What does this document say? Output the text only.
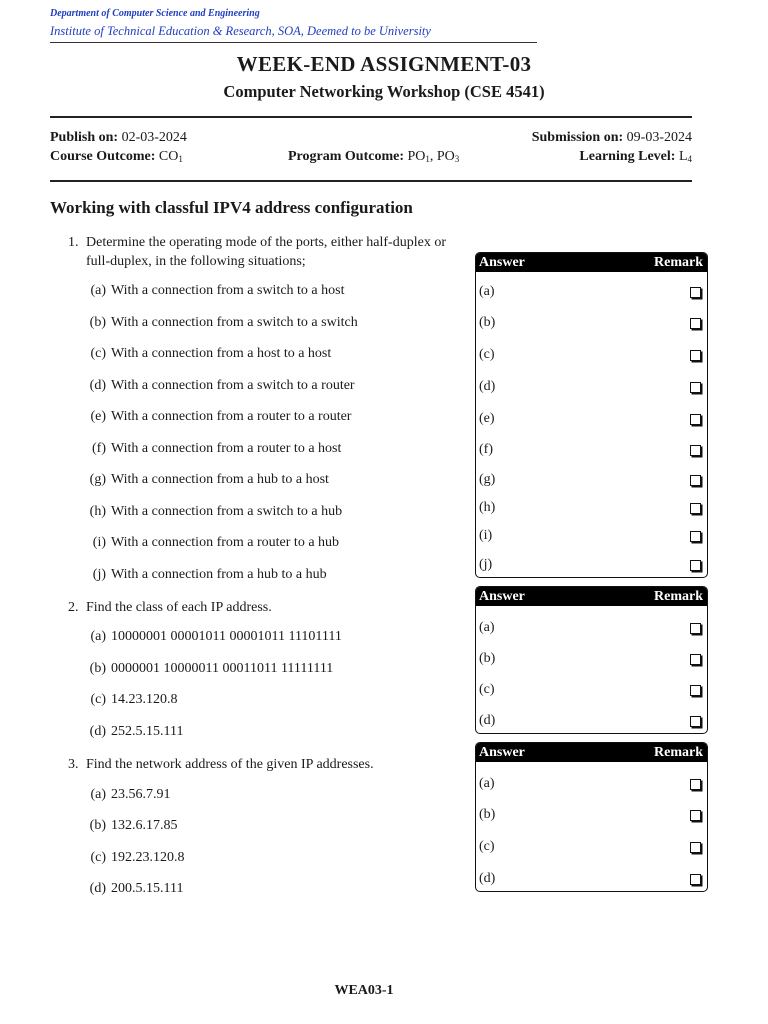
Department of Computer Science and Engineering
Institute of Technical Education & Research, SOA, Deemed to be University
WEEK-END ASSIGNMENT-03
Computer Networking Workshop (CSE 4541)
Publish on: 02-03-2024	Submission on: 09-03-2024
Course Outcome: $CO_1$	Program Outcome: $PO_1$, $PO_3$	Learning Level: $L_4$
Working with classful IPV4 address configuration
1. Determine the operating mode of the ports, either half-duplex or
full-duplex, in the following situations;
(a) With a connection from a switch to a host
(b) With a connection from a switch to a switch
(c) With a connection from a host to a host
(d) With a connection from a switch to a router
(e) With a connection from a router to a router
(f) With a connection from a router to a host
(g) With a connection from a hub to a host
(h) With a connection from a switch to a hub
(i) With a connection from a router to a hub
(j) With a connection from a hub to a hub
2. Find the class of each IP address.
(a) 10000001 00001011 00001011 11101111
(b) 0000001 10000011 00011011 11111111
(c) 14.23.120.8
(d) 252.5.15.111
3. Find the network address of the given IP addresses.
(a) 23.56.7.91
(b) 132.6.17.85
(c) 192.23.120.8
(d) 200.5.15.111
Answer	Remark
(a)
(b)
(c)
(d)
(e)
(f)
(g)
(h)
(i)
(j)
Answer	Remark
(a)
(b)
(c)
(d)
Answer	Remark
(a)
(b)
(c)
(d)
WEA03-1
